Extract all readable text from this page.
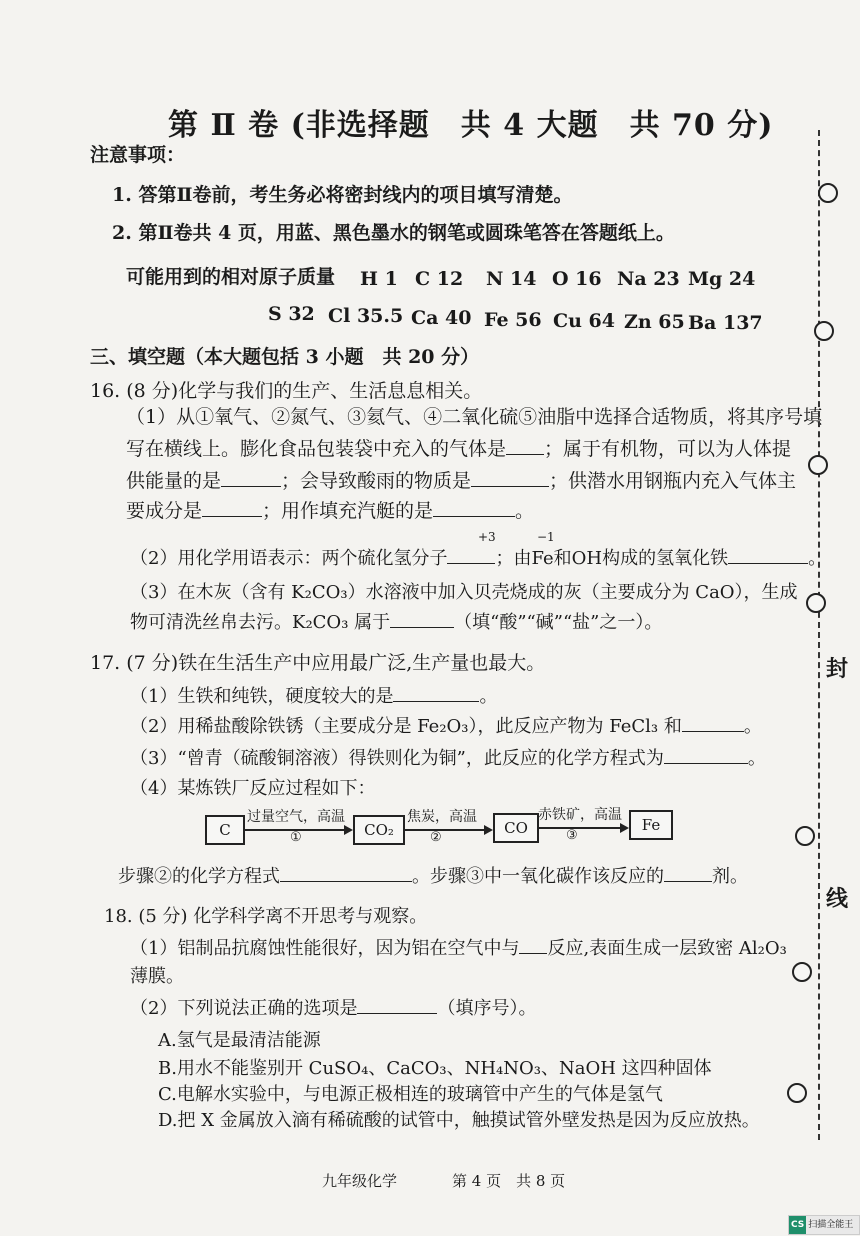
第 Ⅱ 卷 (非选择题　共 4 大题　共 70 分)
注意事项：
1. 答第Ⅱ卷前，考生务必将密封线内的项目填写清楚。
2. 第Ⅱ卷共 4 页，用蓝、黑色墨水的钢笔或圆珠笔答在答题纸上。
可能用到的相对原子质量 H 1 C 12 N 14 O 16 Na 23 Mg 24
S 32 Cl 35.5 Ca 40 Fe 56 Cu 64 Zn 65 Ba 137
三、填空题（本大题包括 3 小题　共 20 分）
16. (8 分)化学与我们的生产、生活息息相关。
（1）从①氧气、②氮气、③氦气、④二氧化硫⑤油脂中选择合适物质，将其序号填
写在横线上。膨化食品包装袋中充入的气体是 ；属于有机物，可以为人体提
供能量的是	；会导致酸雨的物质是	；供潜水用钢瓶内充入气体主
要成分是	；用作填充汽艇的是	。
+3	−1
（2）用化学用语表示：两个硫化氢分子	；由Fe和OH构成的氢氧化铁	。
（3）在木灰（含有 K₂CO₃）水溶液中加入贝壳烧成的灰（主要成分为 CaO），生成
物可清洗丝帛去污。K₂CO₃ 属于	（填“酸”“碱”“盐”之一）。
17. (7 分)铁在生活生产中应用最广泛,生产量也最大。
（1）生铁和纯铁，硬度较大的是	。
（2）用稀盐酸除铁锈（主要成分是 Fe₂O₃），此反应产物为 FeCl₃ 和	。
（3）“曾青（硫酸铜溶液）得铁则化为铜”，此反应的化学方程式为	。
（4）某炼铁厂反应过程如下：
C
过量空气，高温
①	CO₂
焦炭，高温
②
CO
赤铁矿，高温
③
Fe
步骤②的化学方程式	。步骤③中一氧化碳作该反应的	剂。
18. (5 分) 化学科学离不开思考与观察。
（1）铝制品抗腐蚀性能很好，因为铝在空气中与 反应,表面生成一层致密 Al₂O₃
薄膜。
（2）下列说法正确的选项是	（填序号）。
A.氢气是最清洁能源
B.用水不能鉴别开 CuSO₄、CaCO₃、NH₄NO₃、NaOH 这四种固体
C.电解水实验中，与电源正极相连的玻璃管中产生的气体是氢气
D.把 X 金属放入滴有稀硫酸的试管中，触摸试管外壁发热是因为反应放热。
九年级化学	第 4 页　共 8 页
封
线
CS 扫描全能王
